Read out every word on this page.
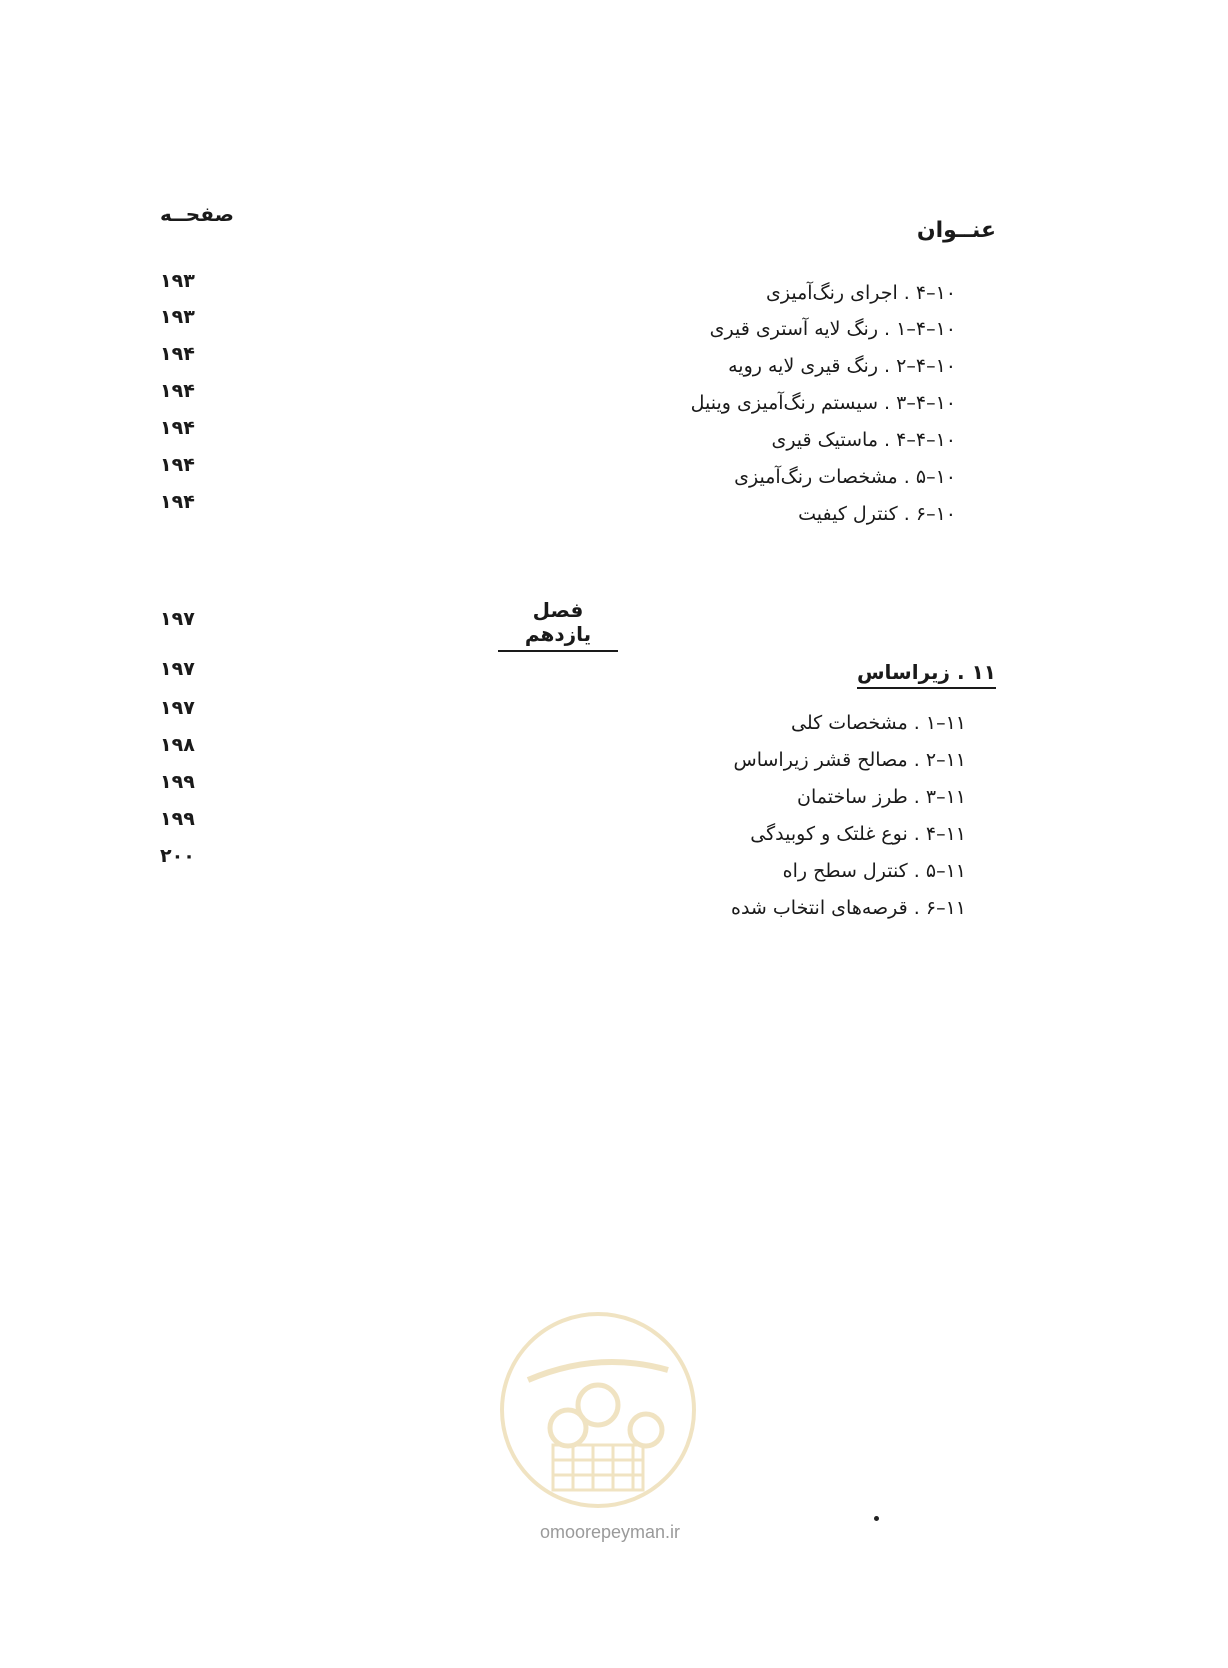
عنــوان
صفحــه
۱۰–۴ . اجرای رنگ‌آمیزی
۱۹۳
۱۰–۴–۱ . رنگ لایه آستری قیری
۱۹۳
۱۰–۴–۲ . رنگ قیری لایه رویه
۱۹۴
۱۰–۴–۳ . سیستم رنگ‌آمیزی وینیل
۱۹۴
۱۰–۴–۴ . ماستیک قیری
۱۹۴
۱۰–۵ . مشخصات رنگ‌آمیزی
۱۹۴
۱۰–۶ . کنترل کیفیت
۱۹۴
فصل یازدهم
۱۱ . زیراساس
۱۹۷
۱۱–۱ . مشخصات کلی
۱۹۷
۱۱–۲ . مصالح قشر زیراساس
۱۹۷
۱۱–۳ . طرز ساختمان
۱۹۸
۱۱–۴ . نوع غلتک و کوبیدگی
۱۹۹
۱۱–۵ . کنترل سطح راه
۱۹۹
۱۱–۶ . قرصه‌های انتخاب شده
۲۰۰
omoorepeyman.ir
